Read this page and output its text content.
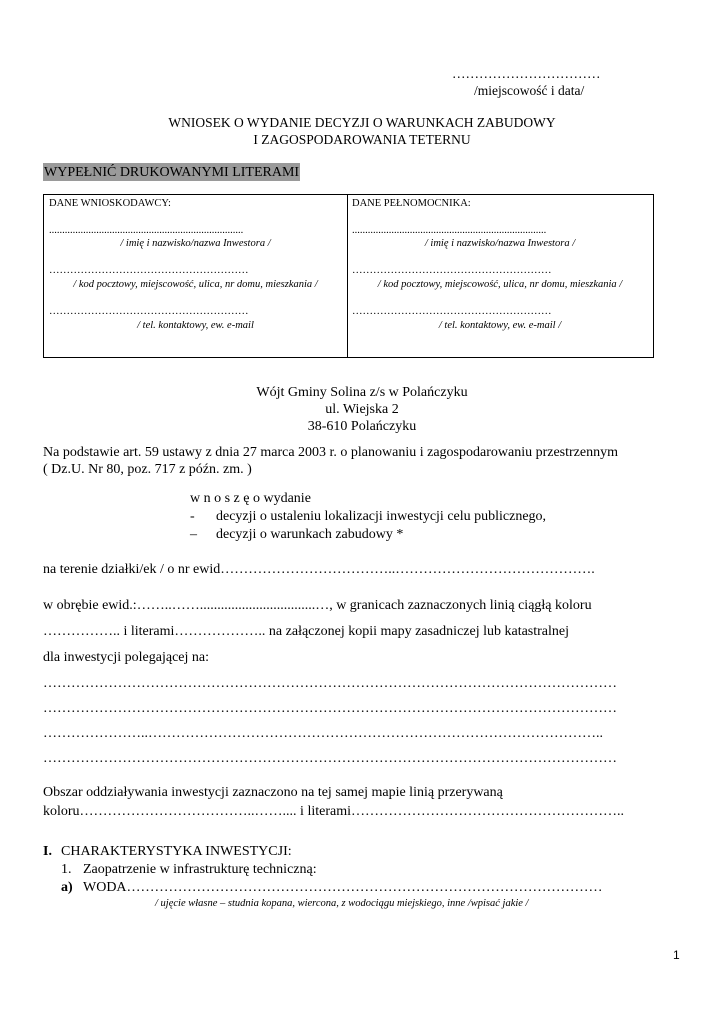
……………………………
/miejscowość i data/
WNIOSEK O WYDANIE DECYZJI O WARUNKACH ZABUDOWY
I ZAGOSPODAROWANIA TETERNU
WYPEŁNIĆ DRUKOWANYMI LITERAMI
DANE WNIOSKODAWCY:
..........................................................................
/ imię i nazwisko/nazwa Inwestora /
…………………………………………………
/ kod pocztowy, miejscowość, ulica, nr domu, mieszkania /
…………………………………………………
/ tel. kontaktowy, ew. e-mail
DANE PEŁNOMOCNIKA:
..........................................................................
/ imię i nazwisko/nazwa Inwestora /
…………………………………………………
/ kod pocztowy, miejscowość, ulica, nr domu, mieszkania /
…………………………………………………
/ tel. kontaktowy, ew. e-mail /
Wójt Gminy Solina z/s w Polańczyku
ul. Wiejska 2
38-610 Polańczyku
Na podstawie art. 59 ustawy z dnia 27 marca 2003 r. o planowaniu i zagospodarowaniu przestrzennym
( Dz.U. Nr 80, poz. 717 z późn. zm. )
w n o s z ę o wydanie
- decyzji o ustaleniu lokalizacji inwestycji celu publicznego,
– decyzji o warunkach zabudowy *
na terenie działki/ek / o nr ewid………………………………..…………………………………….
w obrębie ewid.:……..…….................................…, w granicach zaznaczonych linią ciągłą koloru
…………….. i literami……………….. na załączonej kopii mapy zasadniczej lub katastralnej
dla inwestycji polegającej na:
……………………………………………………………………………………………………………
……………………………………………………………………………………………………………
…………………..……………………………………………………………………………………..
……………………………………………………………………………………………………………
Obszar oddziaływania inwestycji zaznaczono na tej samej mapie linią przerywaną
koloru………………………………..…….... i literami…………………………………………………..
I. CHARAKTERYSTYKA INWESTYCJI:
1. Zaopatrzenie w infrastrukturę techniczną:
a) WODA…………………………………………………………………………………………
/ ujęcie własne – studnia kopana, wiercona, z wodociągu miejskiego, inne /wpisać jakie /
1
